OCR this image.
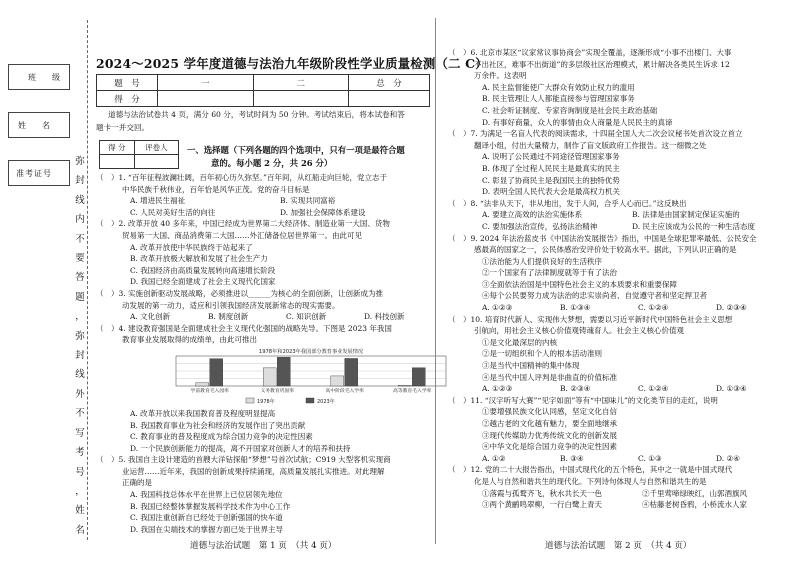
班　级
姓　名
准考证号
弥
封
线
内
不
要
答
题
，
弥
封
线
外
不
写
考
号
，
姓
名
2024～2025 学年度道德与法治九年级阶段性学业质量检测（二 C）
题　号	一	二	总　分
得　分			
道德与法治试卷共 4 页，满分 60 分，考试时间为 50 分钟。考试结束后，将本试卷和答
题卡一并交回。
得 分	评卷人
	一、选择题（下列各题的四个选项中，只有一项是最符合题
意的。每小题 2 分，共 26 分）
（　）1. “百年征程波澜壮阔，百年初心历久弥坚。”百年间，从红船走向巨轮，党立志于
中华民族千秋伟业，百年恰是风华正茂。党的奋斗目标是
A. 增进民生福祉	B. 实现共同富裕
C. 人民对美好生活的向往	D. 加强社会保障体系建设
（　）2. 改革开放 40 多年来，中国已经成为世界第二大经济体、制造业第一大国、货物
贸易第一大国、商品消费第二大国……外汇储备位居世界第一。由此可见
A. 改革开放使中华民族终于站起来了
B. 改革开放极大解放和发展了社会生产力
C. 我国经济由高质量发展转向高速增长阶段
D. 我国已经全面建成了社会主义现代化国家
（　）3. 实施创新驱动发展战略，必须推进以______为核心的全面创新，让创新成为推
动发展的第一动力，适应和引领我国经济发展新常态的现实需要。
A. 文化创新	B. 制度创新	C. 知识创新	D. 科技创新
（　）4. 建设教育强国是全面建成社会主义现代化强国的战略先导。下图是 2023 年我国
教育事业发展取得的成绩单，由此可推出
1978年和2023年我国部分教育事业发展情况
学前教育毛入园率	义务教育巩固率	高中阶段毛入学率	高等教育毛入学率
1978年	2023年
A. 改革开放以来我国教育普及程度明显提高
B. 我国教育事业为社会和经济的发展作出了突出贡献
C. 教育事业的普及程度成为综合国力竞争的决定性因素
D. 一个民族创新能力的提高，离不开国家对创新人才的培养和扶持
（　）5. 我国自主设计建造的首艘大洋钻探船“梦想”号首次试航；C919 大型客机实现商
业运营……近年来，我国的创新成果持续涌现，高质量发展扎实推进。对此理解
正确的是
A. 我国科技总体水平在世界上已位居领先地位
B. 我国已经整体掌握发展科学技术作为中心工作
C. 我国注重创新自已经处于创新强国的快车道
D. 我国在尖端技术的掌握方面已处于世界主导
（　）6. 北京市某区“议家常议事协商会”实现全覆盖，逐渐形成“小事不出楼门、大事
不出社区，难事不出街道”的多层级社区治理模式，累计解决各类民生诉求 12
万余件。这表明
A. 民主监督能使广大群众有效防止权力的滥用
B. 民主管理让人人都能直接参与管理国家事务
C. 社会听证制度、专家咨询制度是社会民主政治基础
D. 有事好商量，众人的事情由众人商量是人民民主的真谛
（　）7. 为满足一名盲人代表的阅读需求，十四届全国人大二次会议秘书处首次设立首立
翻译小组，付出大量精力，制作了盲文版政府工作报告。这一细微之处
A. 说明了公民通过不同途径管理国家事务
B. 体现了全过程人民民主是最真实的民主
C. 彰显了协商民主是我国民主的独特优势
D. 表明全国人民代表大会是最高权力机关
（　）8. “法非从天下，非从地出，发于人间，合乎人心而已。”这反映出
A. 要建立高效的法治实施体系	B. 法律是由国家制定保证实施的
C. 要加强法治宣传，弘扬法治精神	D. 民主应该成为公民的一种生活态度
（　）9. 2024 年法治蓝皮书《中国法治发展报告》指出，中国是全球犯罪率最低、公民安全
感最高的国家之一，公民体感治安评价处于较高水平。据此，下列认识正确的是
①法治能为人们提供良好的生活秩序
②一个国家有了法律制度就等于有了法治
③全面依法治国是中国特色社会主义的本质要求和重要保障
④每个公民要努力成为法治的忠实崇尚者、自觉遵守者和坚定捍卫者
A. ①②③	B. ①③④	C. ①②④	D. ②③④
（　）10. 培育时代新人、实现伟大梦想，需要以习近平新时代中国特色社会主义思想
引航向，用社会主义核心价值观铸魂育人。社会主义核心价值观
①是文化最深层的内核
②是一切组织和个人的根本活动准则
③是当代中国精神的集中体现
④是当代中国人评判是非曲直的价值标准
A. ①②③	B. ②③④	C. ①②④	D. ①③④
（　）11. “汉字听写大赛”“见字如面”等有“中国味儿”的文化类节目的走红，说明
①要增强民族文化认同感，坚定文化自信
②越古老的文化越有魅力，要全面地继承
③现代传媒助力优秀传统文化的创新发展
④中华文化是综合国力竞争的决定性因素
A. ①②	B. ③④	C. ①③	D. ②④
（　）12. 党的二十大报告指出，中国式现代化的五个特色，其中之一就是中国式现代
化是人与自然和谐共生的现代化。下列诗句体现人与自然和谐共生的是
①落霞与孤鹜齐飞，秋水共长天一色	②千里莺啼绿映红，山郭酒旗风
③两个黄鹂鸣翠柳，一行白鹭上青天	④枯藤老树昏鸦，小桥流水人家
道德与法治试题　第 1 页　（共 4 页）	道德与法治试题　第 2 页　（共 4 页）
